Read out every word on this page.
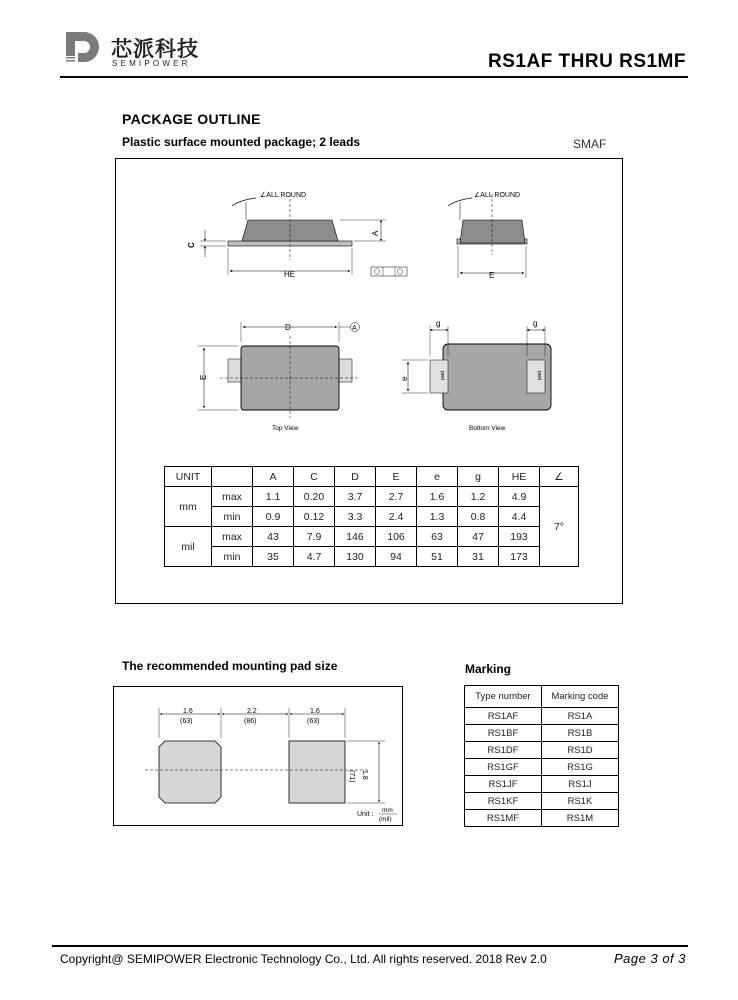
芯派科技
SEMIPOWER	RS1AF THRU RS1MF
PACKAGE OUTLINE
Plastic surface mounted package; 2 leads	SMAF
∠ALL ROUND
C
A
HE
∠ALL ROUND
E
D	A
E
Top View
pad	pad
g	g
e
Bottom View
UNIT		A	C	D	E	e	g	HE	∠
mm	max	1.1	0.20	3.7	2.7	1.6	1.2	4.9	7°
	min	0.9	0.12	3.3	2.4	1.3	0.8	4.4	
mil	max	43	7.9	146	106	63	47	193	
	min	35	4.7	130	94	51	31	173	
The recommended mounting pad size
1.6
(63)
2.2
(86)
1.6
(63)
1.8
(71)
Unit :
mm
(mil)
Marking
Type number	Marking code
RS1AF	RS1A
RS1BF	RS1B
RS1DF	RS1D
RS1GF	RS1G
RS1JF	RS1J
RS1KF	RS1K
RS1MF	RS1M
Copyright@ SEMIPOWER Electronic Technology Co., Ltd. All rights reserved. 2018 Rev 2.0	Page 3 of 3
